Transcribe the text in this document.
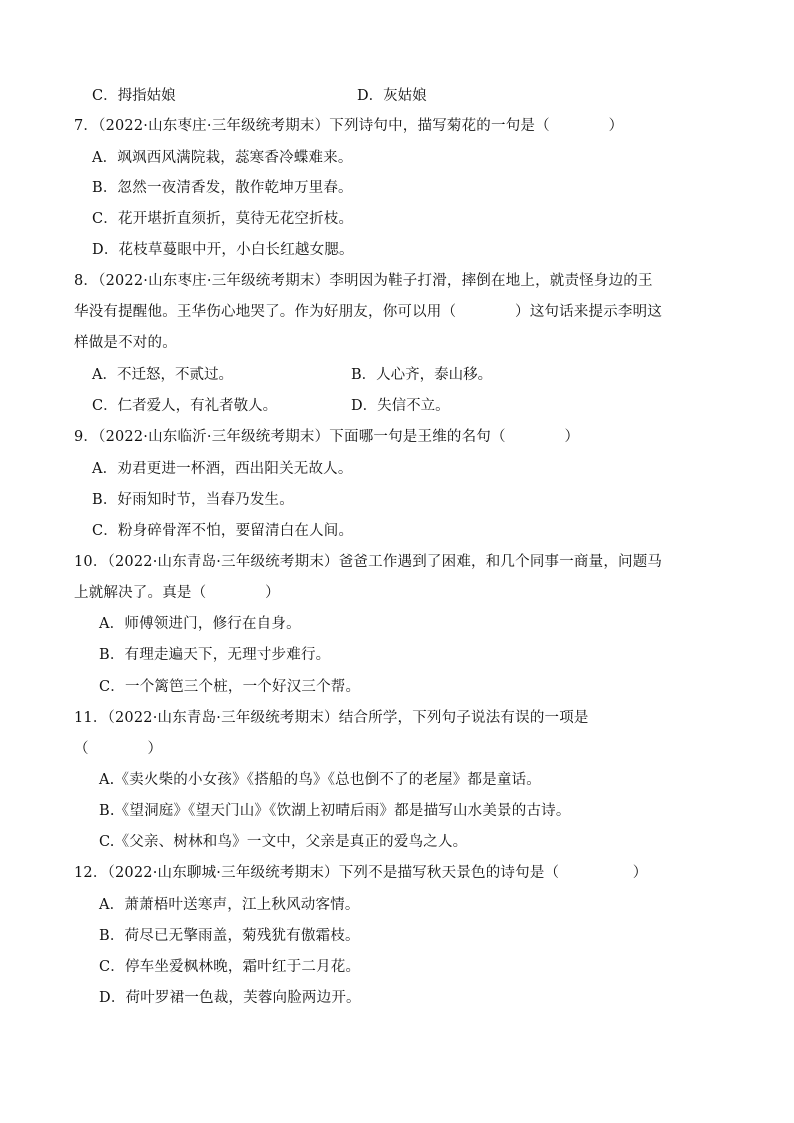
C．拇指姑娘	D．灰姑娘
7．（2022·山东枣庄·三年级统考期末）下列诗句中，描写菊花的一句是（　　　　）
A．飒飒西风满院栽，蕊寒香冷蝶难来。
B．忽然一夜清香发，散作乾坤万里春。
C．花开堪折直须折，莫待无花空折枝。
D．花枝草蔓眼中开，小白长红越女腮。
8．（2022·山东枣庄·三年级统考期末）李明因为鞋子打滑，摔倒在地上，就责怪身边的王
华没有提醒他。王华伤心地哭了。作为好朋友，你可以用（　　　　）这句话来提示李明这
样做是不对的。
A．不迁怒，不贰过。	B．人心齐，泰山移。
C．仁者爱人，有礼者敬人。	D．失信不立。
9．（2022·山东临沂·三年级统考期末）下面哪一句是王维的名句（　　　　）
A．劝君更进一杯酒，西出阳关无故人。
B．好雨知时节，当春乃发生。
C．粉身碎骨浑不怕，要留清白在人间。
10．（2022·山东青岛·三年级统考期末）爸爸工作遇到了困难，和几个同事一商量，问题马
上就解决了。真是（　　　　）
A．师傅领进门，修行在自身。
B．有理走遍天下，无理寸步难行。
C．一个篱笆三个桩，一个好汉三个帮。
11．（2022·山东青岛·三年级统考期末）结合所学，下列句子说法有误的一项是
（　　　　）
A.《卖火柴的小女孩》《搭船的鸟》《总也倒不了的老屋》都是童话。
B.《望洞庭》《望天门山》《饮湖上初晴后雨》都是描写山水美景的古诗。
C.《父亲、树林和鸟》一文中，父亲是真正的爱鸟之人。
12．（2022·山东聊城·三年级统考期末）下列不是描写秋天景色的诗句是（　　　　　）
A．萧萧梧叶送寒声，江上秋风动客情。
B．荷尽已无擎雨盖，菊残犹有傲霜枝。
C．停车坐爱枫林晚，霜叶红于二月花。
D．荷叶罗裙一色裁，芙蓉向脸两边开。
